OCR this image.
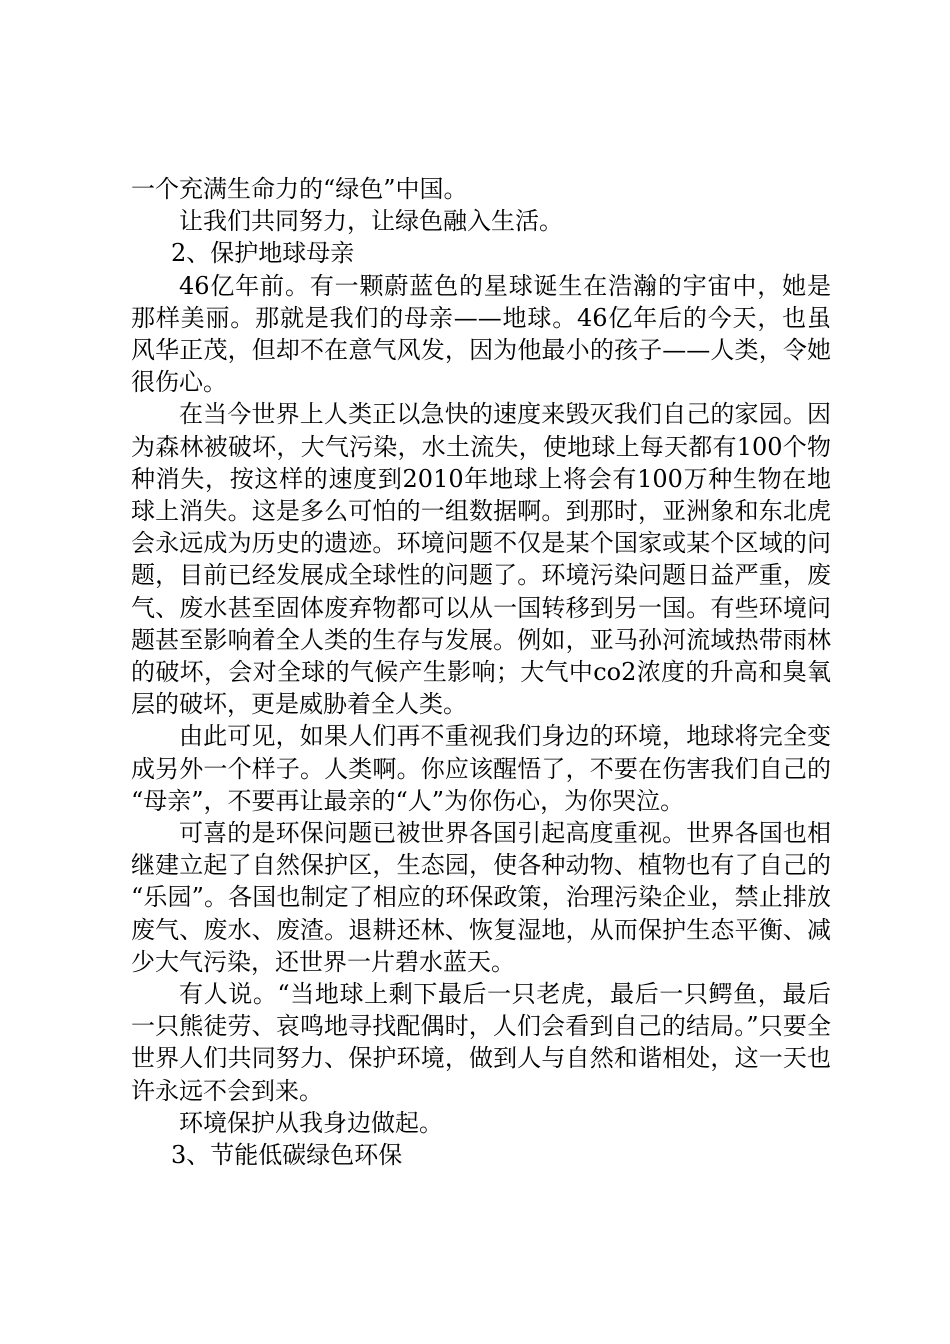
一个充满生命力的“绿色”中国。

让我们共同努力，让绿色融入生活。

2、保护地球母亲

46亿年前。有一颗蔚蓝色的星球诞生在浩瀚的宇宙中，她是那样美丽。那就是我们的母亲——地球。46亿年后的今天，也虽风华正茂，但却不在意气风发，因为他最小的孩子——人类，令她很伤心。

在当今世界上人类正以急快的速度来毁灭我们自己的家园。因为森林被破坏，大气污染，水土流失，使地球上每天都有100个物种消失，按这样的速度到2010年地球上将会有100万种生物在地球上消失。这是多么可怕的一组数据啊。到那时，亚洲象和东北虎会永远成为历史的遗迹。环境问题不仅是某个国家或某个区域的问题，目前已经发展成全球性的问题了。环境污染问题日益严重，废气、废水甚至固体废弃物都可以从一国转移到另一国。有些环境问题甚至影响着全人类的生存与发展。例如，亚马孙河流域热带雨林的破坏，会对全球的气候产生影响；大气中co2浓度的升高和臭氧层的破坏，更是威胁着全人类。

由此可见，如果人们再不重视我们身边的环境，地球将完全变成另外一个样子。人类啊。你应该醒悟了，不要在伤害我们自己的“母亲”，不要再让最亲的“人”为你伤心，为你哭泣。

可喜的是环保问题已被世界各国引起高度重视。世界各国也相继建立起了自然保护区，生态园，使各种动物、植物也有了自己的“乐园”。各国也制定了相应的环保政策，治理污染企业，禁止排放废气、废水、废渣。退耕还林、恢复湿地，从而保护生态平衡、减少大气污染，还世界一片碧水蓝天。

有人说。“当地球上剩下最后一只老虎，最后一只鳄鱼，最后一只熊徒劳、哀鸣地寻找配偶时，人们会看到自己的结局。”只要全世界人们共同努力、保护环境，做到人与自然和谐相处，这一天也许永远不会到来。

环境保护从我身边做起。

3、节能低碳绿色环保
